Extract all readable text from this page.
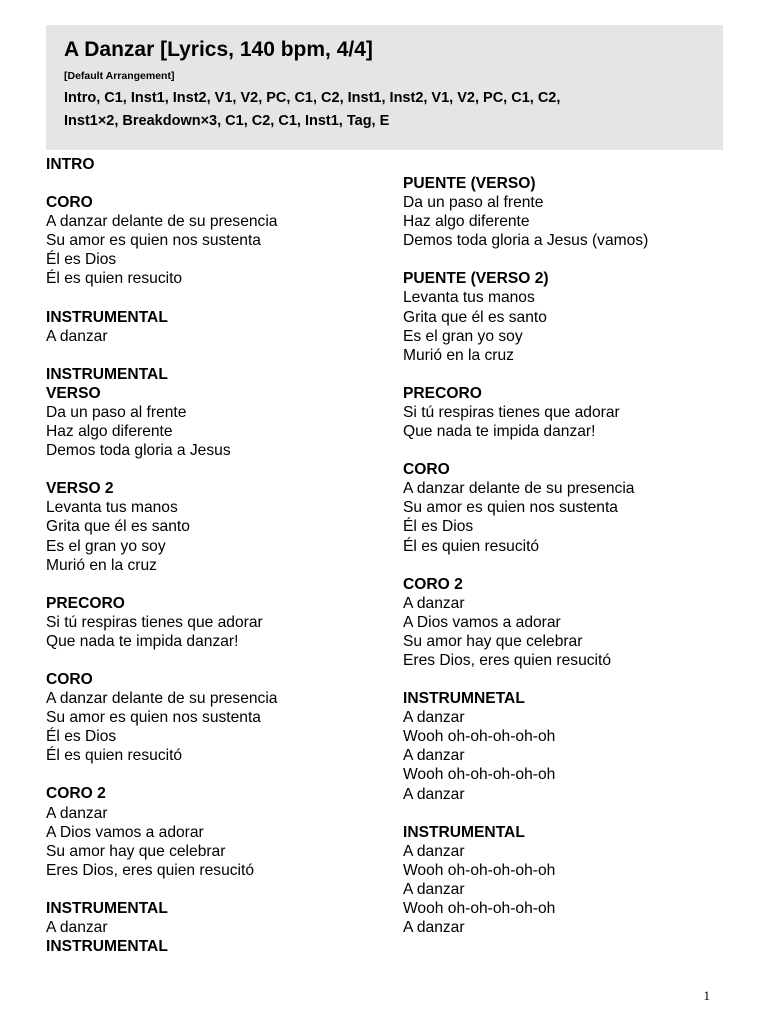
A Danzar [Lyrics, 140 bpm, 4/4]
[Default Arrangement]
Intro, C1, Inst1, Inst2, V1, V2, PC, C1, C2, Inst1, Inst2, V1, V2, PC, C1, C2,
Inst1×2, Breakdown×3, C1, C2, C1, Inst1, Tag, E
INTRO
CORO
A danzar delante de su presencia
Su amor es quien nos sustenta
Él es Dios
Él es quien resucito
INSTRUMENTAL
A danzar
INSTRUMENTAL
VERSO
Da un paso al frente
Haz algo diferente
Demos toda gloria a Jesus
VERSO 2
Levanta tus manos
Grita que él es santo
Es el gran yo soy
Murió en la cruz
PRECORO
Si tú respiras tienes que adorar
Que nada te impida danzar!
CORO
A danzar delante de su presencia
Su amor es quien nos sustenta
Él es Dios
Él es quien resucitó
CORO 2
A danzar
A Dios vamos a adorar
Su amor hay que celebrar
Eres Dios, eres quien resucitó
INSTRUMENTAL
A danzar
INSTRUMENTAL
PUENTE (VERSO)
Da un paso al frente
Haz algo diferente
Demos toda gloria a Jesus (vamos)
PUENTE (VERSO 2)
Levanta tus manos
Grita que él es santo
Es el gran yo soy
Murió en la cruz
PRECORO
Si tú respiras tienes que adorar
Que nada te impida danzar!
CORO
A danzar delante de su presencia
Su amor es quien nos sustenta
Él es Dios
Él es quien resucitó
CORO 2
A danzar
A Dios vamos a adorar
Su amor hay que celebrar
Eres Dios, eres quien resucitó
INSTRUMNETAL
A danzar
Wooh oh-oh-oh-oh-oh
A danzar
Wooh oh-oh-oh-oh-oh
A danzar
INSTRUMENTAL
A danzar
Wooh oh-oh-oh-oh-oh
A danzar
Wooh oh-oh-oh-oh-oh
A danzar
1
